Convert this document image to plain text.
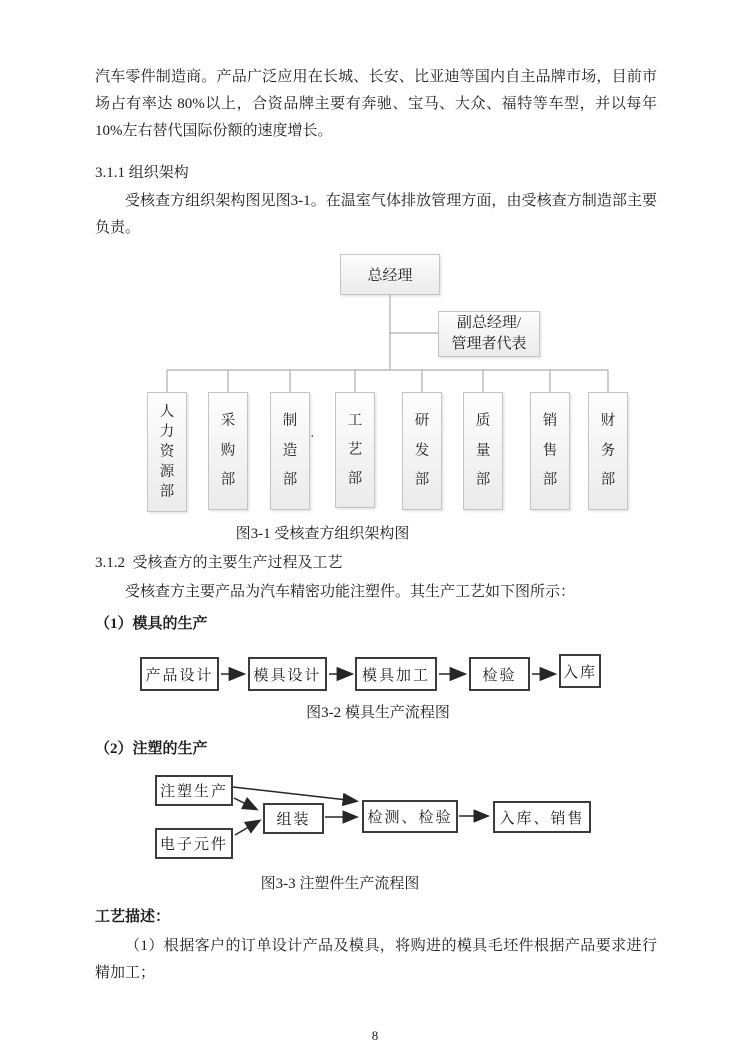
汽车零件制造商。产品广泛应用在长城、长安、比亚迪等国内自主品牌市场，目前市场占有率达 80%以上，合资品牌主要有奔驰、宝马、大众、福特等车型，并以每年 10%左右替代国际份额的速度增长。
3.1.1 组织架构
受核查方组织架构图见图3-1。在温室气体排放管理方面，由受核查方制造部主要负责。
总经理
副总经理/
管理者代表
人
力
资
源
部
采
购
部
制
造
部
工
艺
部
研
发
部
质
量
部
销
售
部
财
务
部
·
图3-1 受核查方组织架构图
3.1.2  受核查方的主要生产过程及工艺
受核查方主要产品为汽车精密功能注塑件。其生产工艺如下图所示：
（1）模具的生产
产品设计	模具设计	模具加工	检验	入库
图3-2 模具生产流程图
（2）注塑的生产
注塑生产
电子元件
组装	检测、检验	入库、销售
图3-3 注塑件生产流程图
工艺描述：
（1）根据客户的订单设计产品及模具，将购进的模具毛坯件根据产品要求进行精加工；
8
